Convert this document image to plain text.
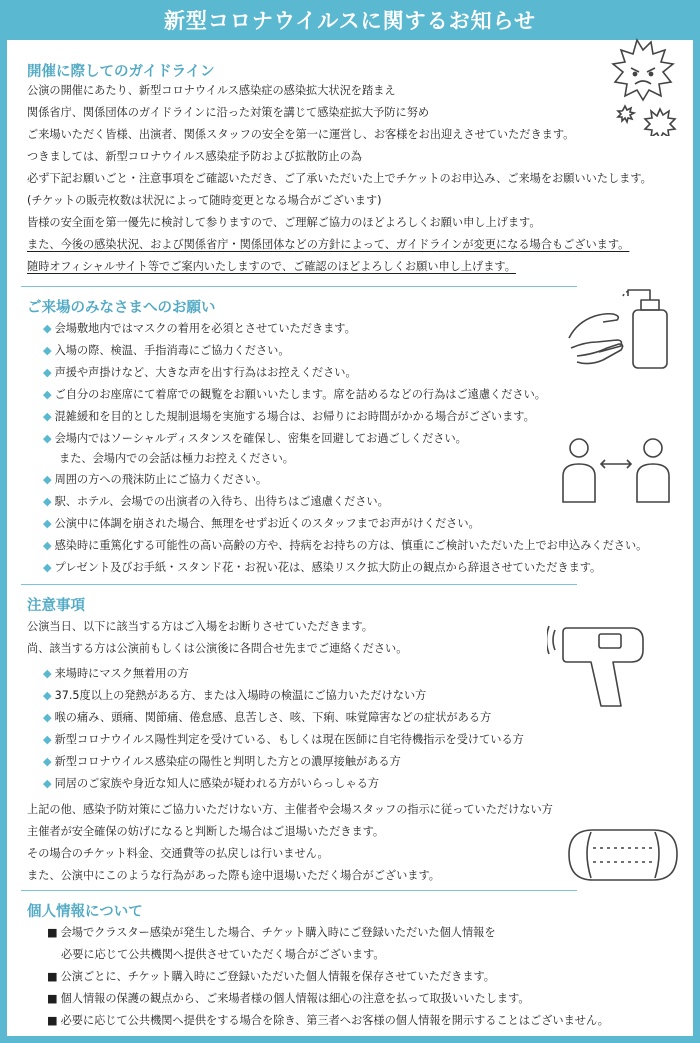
新型コロナウイルスに関するお知らせ
開催に際してのガイドライン
公演の開催にあたり、新型コロナウイルス感染症の感染拡大状況を踏まえ
関係省庁、関係団体のガイドラインに沿った対策を講じて感染症拡大予防に努め
ご来場いただく皆様、出演者、関係スタッフの安全を第一に運営し、お客様をお出迎えさせていただきます。
つきましては、新型コロナウイルス感染症予防および拡散防止の為
必ず下記お願いごと・注意事項をご確認いただき、ご了承いただいた上でチケットのお申込み、ご来場をお願いいたします。
(チケットの販売枚数は状況によって随時変更となる場合がございます)
皆様の安全面を第一優先に検討して参りますので、ご理解ご協力のほどよろしくお願い申し上げます。
また、今後の感染状況、および関係省庁・関係団体などの方針によって、ガイドラインが変更になる場合もございます。
随時オフィシャルサイト等でご案内いたしますので、ご確認のほどよろしくお願い申し上げます。
ご来場のみなさまへのお願い
◆ 会場敷地内ではマスクの着用を必須とさせていただきます。
◆ 入場の際、検温、手指消毒にご協力ください。
◆ 声援や声掛けなど、大きな声を出す行為はお控えください。
◆ ご自分のお座席にて着席での観覧をお願いいたします。席を詰めるなどの行為はご遠慮ください。
◆ 混雑緩和を目的とした規制退場を実施する場合は、お帰りにお時間がかかる場合がございます。
◆ 会場内ではソーシャルディスタンスを確保し、密集を回避してお過ごしください。
また、会場内での会話は極力お控えください。
◆ 周囲の方への飛沫防止にご協力ください。
◆ 駅、ホテル、会場での出演者の入待ち、出待ちはご遠慮ください。
◆ 公演中に体調を崩された場合、無理をせずお近くのスタッフまでお声がけください。
◆ 感染時に重篤化する可能性の高い高齢の方や、持病をお持ちの方は、慎重にご検討いただいた上でお申込みください。
◆ プレゼント及びお手紙・スタンド花・お祝い花は、感染リスク拡大防止の観点から辞退させていただきます。
注意事項
公演当日、以下に該当する方はご入場をお断りさせていただきます。
尚、該当する方は公演前もしくは公演後に各問合せ先までご連絡ください。
◆ 来場時にマスク無着用の方
◆ 37.5度以上の発熱がある方、または入場時の検温にご協力いただけない方
◆ 喉の痛み、頭痛、関節痛、倦怠感、息苦しさ、咳、下痢、味覚障害などの症状がある方
◆ 新型コロナウイルス陽性判定を受けている、もしくは現在医師に自宅待機指示を受けている方
◆ 新型コロナウイルス感染症の陽性と判明した方との濃厚接触がある方
◆ 同居のご家族や身近な知人に感染が疑われる方がいらっしゃる方
上記の他、感染予防対策にご協力いただけない方、主催者や会場スタッフの指示に従っていただけない方
主催者が安全確保の妨げになると判断した場合はご退場いただきます。
その場合のチケット料金、交通費等の払戻しは行いません。
また、公演中にこのような行為があった際も途中退場いただく場合がございます。
個人情報について
■ 会場でクラスター感染が発生した場合、チケット購入時にご登録いただいた個人情報を
必要に応じて公共機関へ提供させていただく場合がございます。
■ 公演ごとに、チケット購入時にご登録いただいた個人情報を保存させていただきます。
■ 個人情報の保護の観点から、ご来場者様の個人情報は細心の注意を払って取扱いいたします。
■ 必要に応じて公共機関へ提供をする場合を除き、第三者へお客様の個人情報を開示することはございません。
